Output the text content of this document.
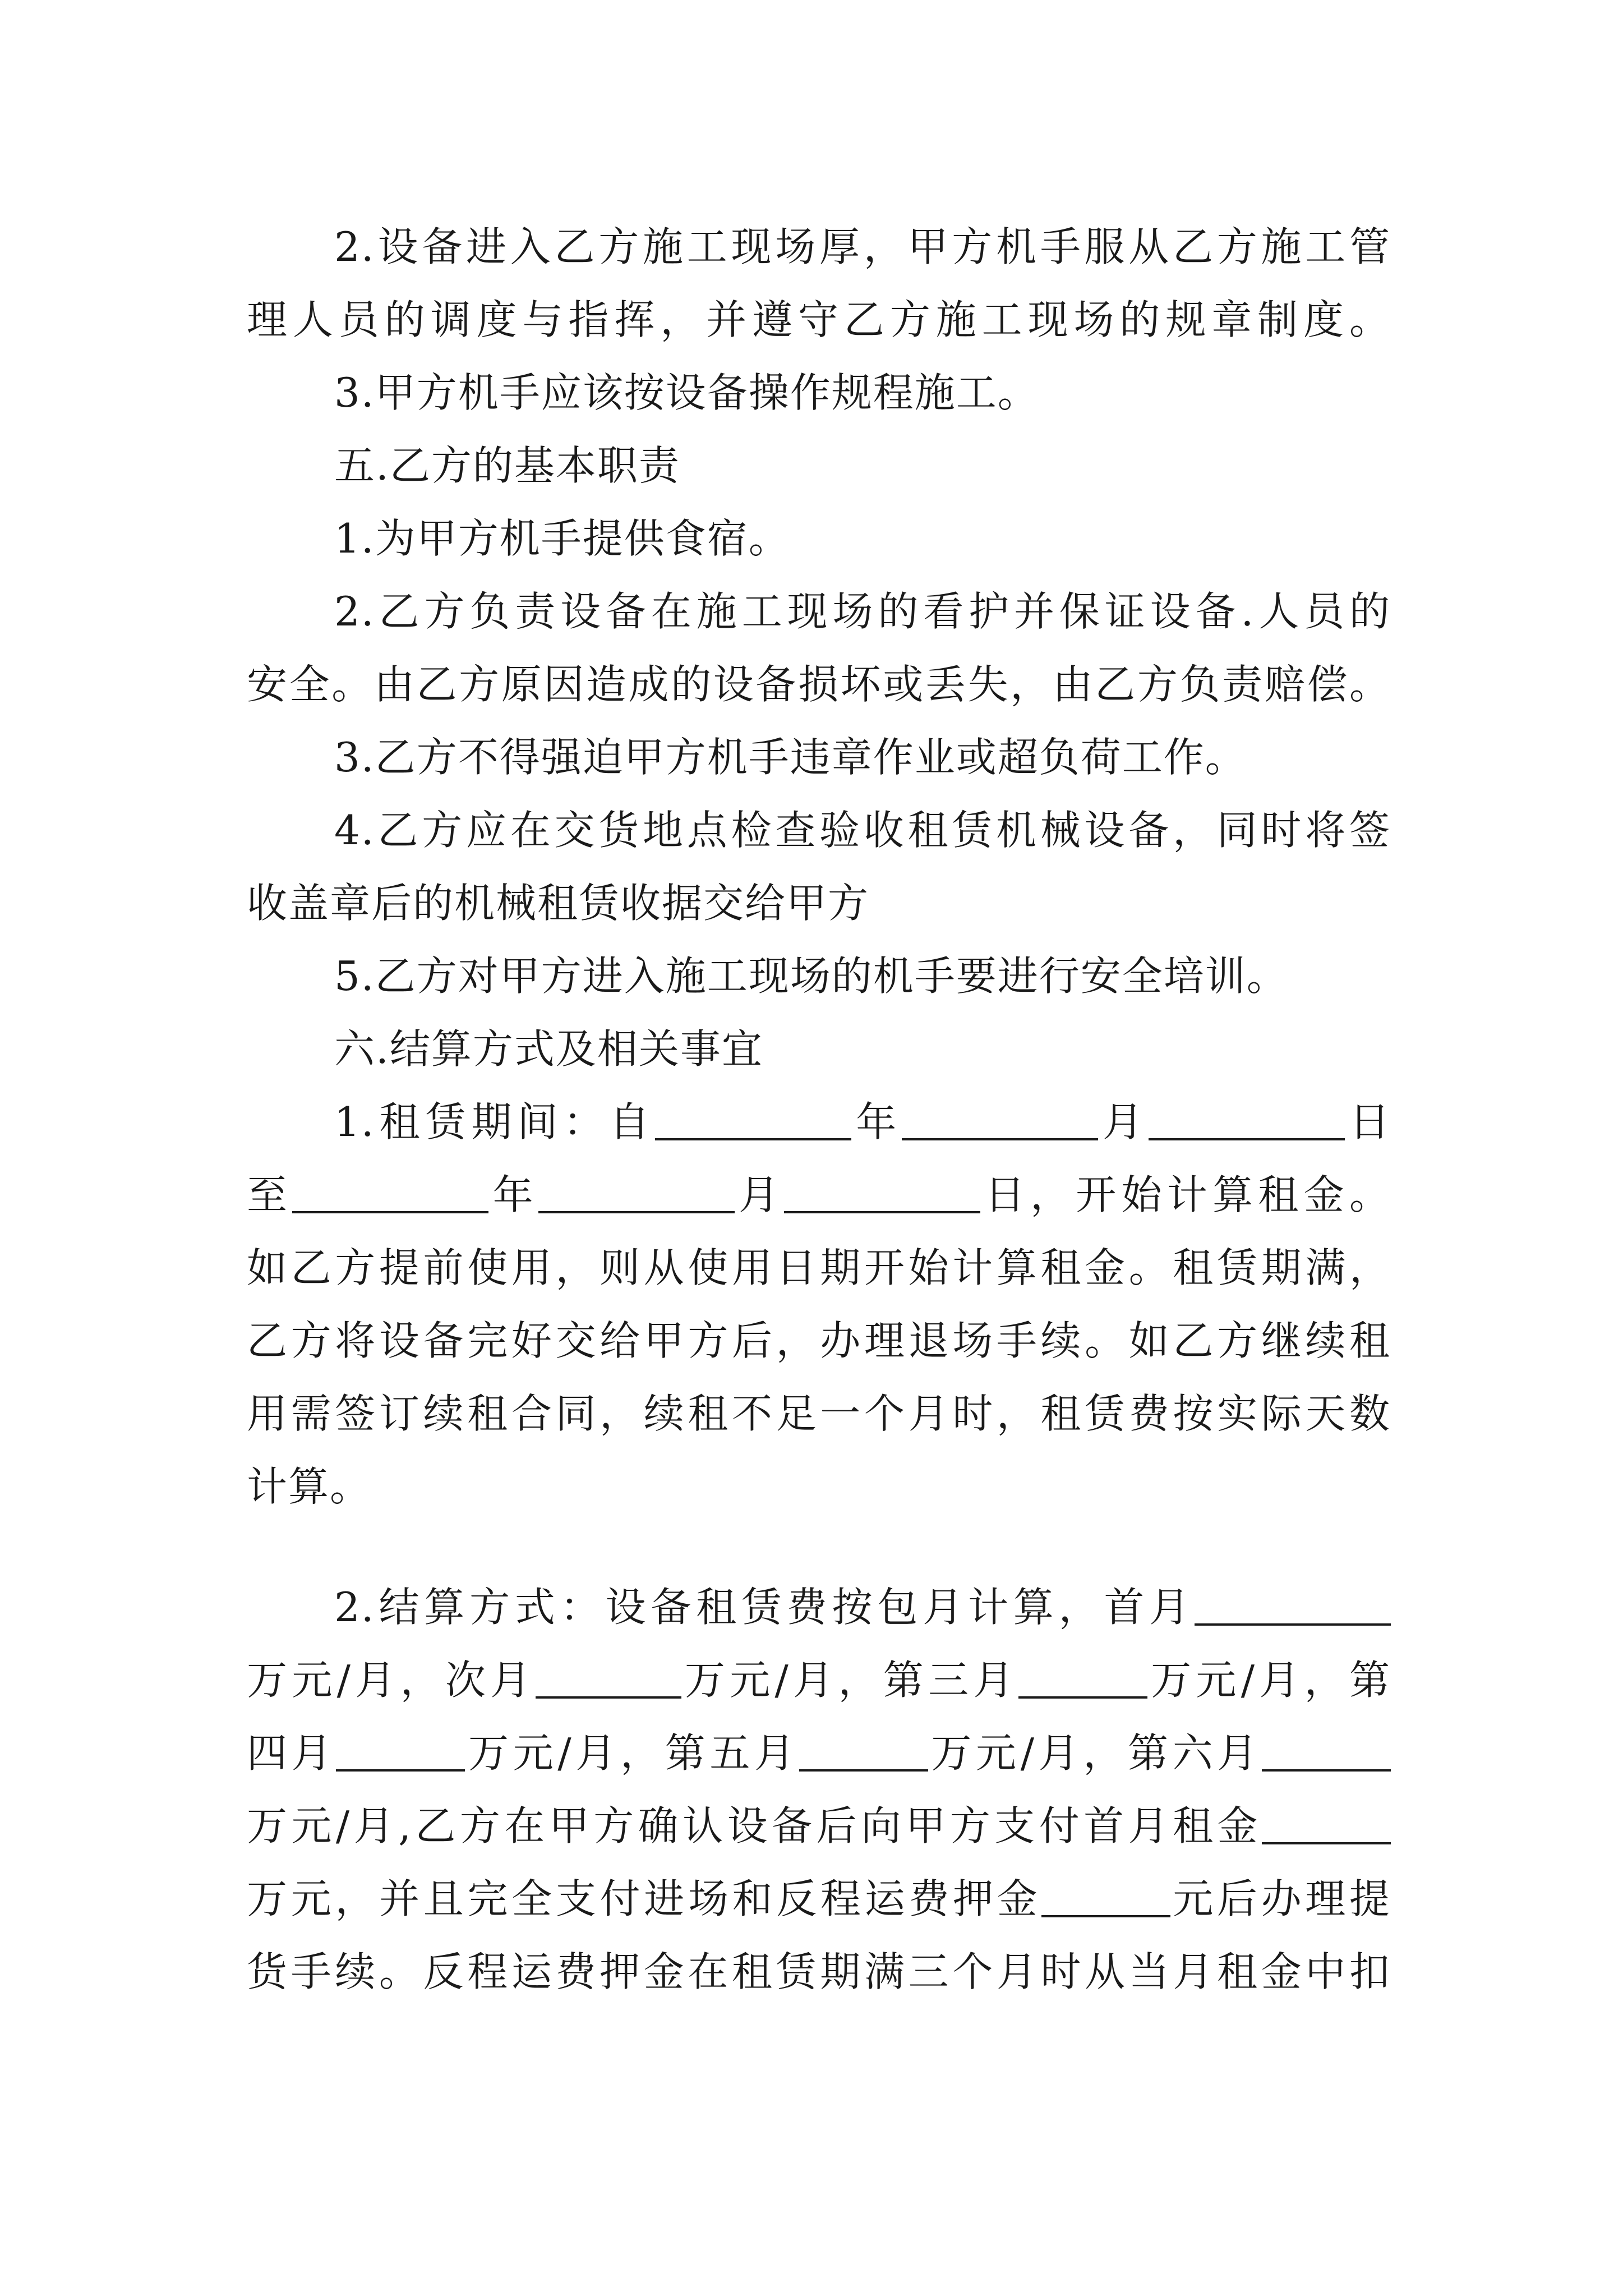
2.设备进入乙方施工现场厚，甲方机手服从乙方施工管
理人员的调度与指挥，并遵守乙方施工现场的规章制度。
3.甲方机手应该按设备操作规程施工。
五.乙方的基本职责
1.为甲方机手提供食宿。
2.乙方负责设备在施工现场的看护并保证设备.人员的
安全。由乙方原因造成的设备损坏或丢失，由乙方负责赔偿。
3.乙方不得强迫甲方机手违章作业或超负荷工作。
4.乙方应在交货地点检查验收租赁机械设备，同时将签
收盖章后的机械租赁收据交给甲方
5.乙方对甲方进入施工现场的机手要进行安全培训。
六.结算方式及相关事宜
1.租赁期间：自	年	月	日
至	年	月	日，开始计算租金。
如乙方提前使用，则从使用日期开始计算租金。租赁期满，
乙方将设备完好交给甲方后，办理退场手续。如乙方继续租
用需签订续租合同，续租不足一个月时，租赁费按实际天数
计算。
2.结算方式：设备租赁费按包月计算，首月
万元/月，次月	万元/月，第三月	万元/月，第
四月	万元/月，第五月	万元/月，第六月
万元/月,乙方在甲方确认设备后向甲方支付首月租金
万元，并且完全支付进场和反程运费押金	元后办理提
货手续。反程运费押金在租赁期满三个月时从当月租金中扣
